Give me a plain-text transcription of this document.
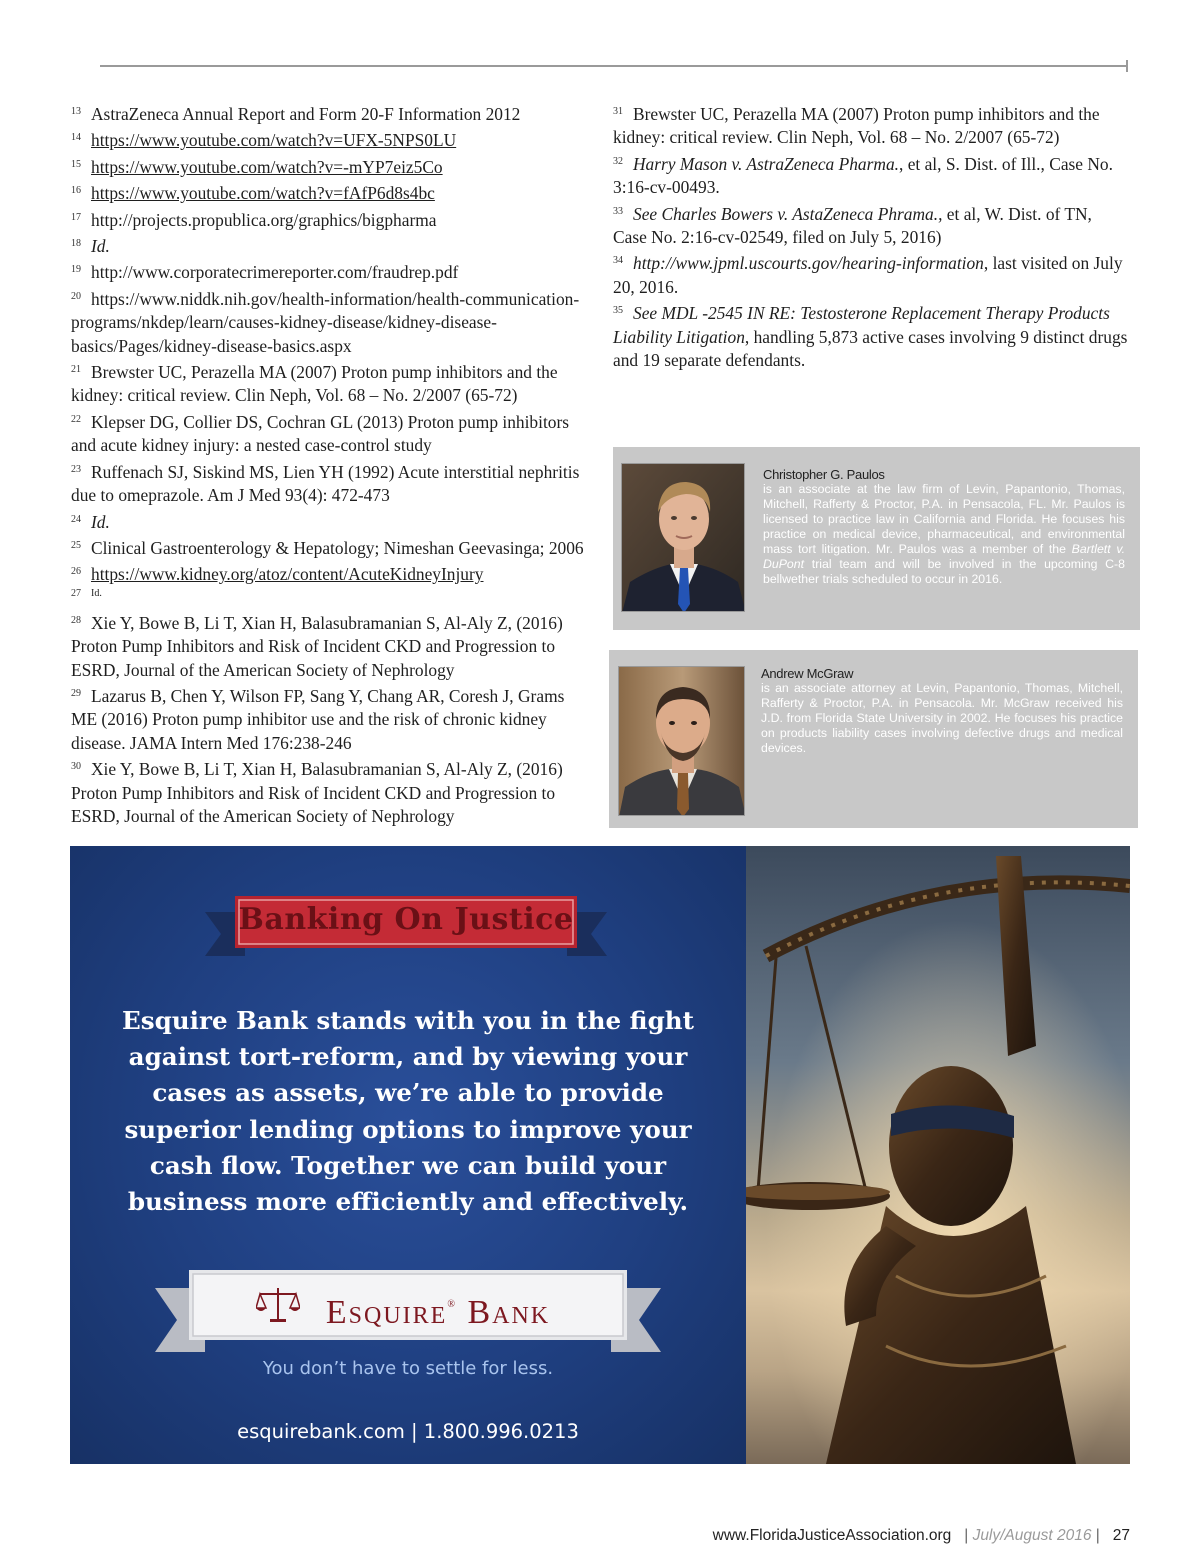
$^{13}$ AstraZeneca Annual Report and Form 20-F Information 2012

$^{14}$ https://www.youtube.com/watch?v=UFX-5NPS0LU

$^{15}$ https://www.youtube.com/watch?v=-mYP7eiz5Co

$^{16}$ https://www.youtube.com/watch?v=fAfP6d8s4bc

$^{17}$ http://projects.propublica.org/graphics/bigpharma

$^{18}$ Id.

$^{19}$ http://www.corporatecrimereporter.com/fraudrep.pdf

$^{20}$ https://www.niddk.nih.gov/health-information/health-communication-programs/nkdep/learn/causes-kidney-disease/kidney-disease-basics/Pages/kidney-disease-basics.aspx

$^{21}$ Brewster UC, Perazella MA (2007) Proton pump inhibitors and the kidney: critical review. Clin Neph, Vol. 68 – No. 2/2007 (65-72)

$^{22}$ Klepser DG, Collier DS, Cochran GL (2013) Proton pump inhibitors and acute kidney injury: a nested case-control study

$^{23}$ Ruffenach SJ, Siskind MS, Lien YH (1992) Acute interstitial nephritis due to omeprazole. Am J Med 93(4): 472-473

$^{24}$ Id.

$^{25}$ Clinical Gastroenterology & Hepatology; Nimeshan Geevasinga; 2006

$^{26}$ https://www.kidney.org/atoz/content/AcuteKidneyInjury

27 Id.

$^{28}$ Xie Y, Bowe B, Li T, Xian H, Balasubramanian S, Al-Aly Z, (2016) Proton Pump Inhibitors and Risk of Incident CKD and Progression to ESRD, Journal of the American Society of Nephrology

$^{29}$ Lazarus B, Chen Y, Wilson FP, Sang Y, Chang AR, Coresh J, Grams ME (2016) Proton pump inhibitor use and the risk of chronic kidney disease. JAMA Intern Med 176:238-246

$^{30}$ Xie Y, Bowe B, Li T, Xian H, Balasubramanian S, Al-Aly Z, (2016) Proton Pump Inhibitors and Risk of Incident CKD and Progression to ESRD, Journal of the American Society of Nephrology

$^{31}$ Brewster UC, Perazella MA (2007) Proton pump inhibitors and the kidney: critical review. Clin Neph, Vol. 68 – No. 2/2007 (65-72)

$^{32}$ Harry Mason v. AstraZeneca Pharma., et al, S. Dist. of Ill., Case No. 3:16-cv-00493.

$^{33}$ See Charles Bowers v. AstaZeneca Phrama., et al, W. Dist. of TN, Case No. 2:16-cv-02549, filed on July 5, 2016)

$^{34}$ http://www.jpml.uscourts.gov/hearing-information, last visited on July 20, 2016.

$^{35}$ See MDL -2545 IN RE: Testosterone Replacement Therapy Products Liability Litigation, handling 5,873 active cases involving 9 distinct drugs and 19 separate defendants.

Christopher G. Paulos
is an associate at the law firm of Levin, Papantonio, Thomas, Mitchell, Rafferty & Proctor, P.A. in Pensacola, FL. Mr. Paulos is licensed to practice law in California and Florida. He focuses his practice on medical device, pharmaceutical, and environmental mass tort litigation. Mr. Paulos was a member of the Bartlett v. DuPont trial team and will be involved in the upcoming C-8 bellwether trials scheduled to occur in 2016.
Andrew McGraw
is an associate attorney at Levin, Papantonio, Thomas, Mitchell, Rafferty & Proctor, P.A. in Pensacola. Mr. McGraw received his J.D. from Florida State University in 2002. He focuses his practice on products liability cases involving defective drugs and medical devices.
Banking On Justice
Esquire Bank stands with you in the fight
against tort-reform, and by viewing your
cases as assets, we’re able to provide
superior lending options to improve your
cash flow. Together we can build your
business more efficiently and effectively.
ESQUIRE® BANK
You don’t have to settle for less.
esquirebank.com | 1.800.996.0213
www.FloridaJusticeAssociation.org | July/August 2016 | 27
